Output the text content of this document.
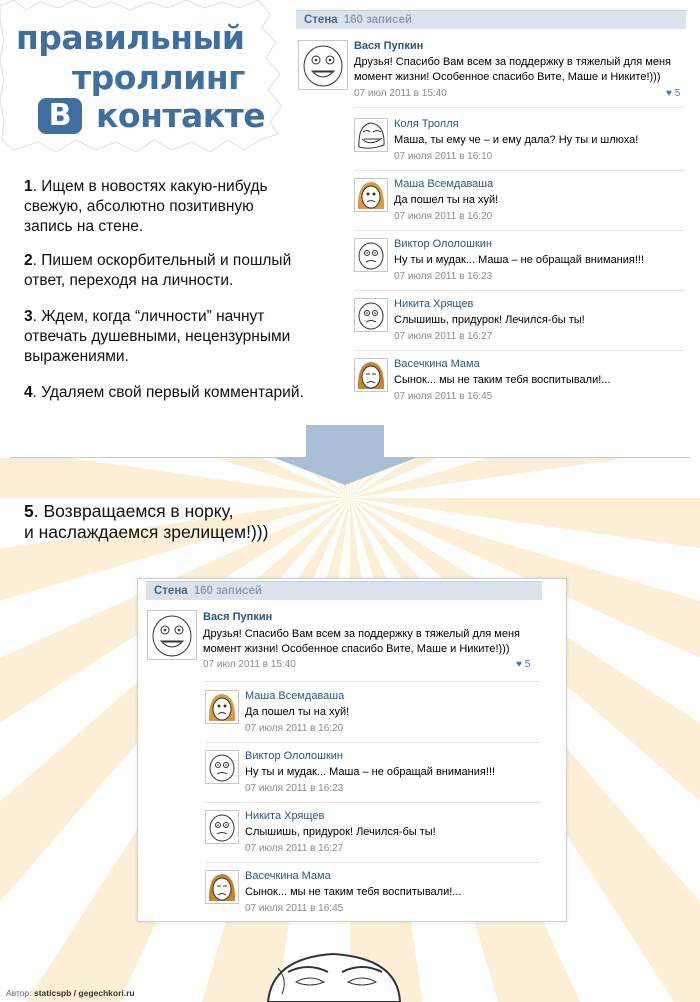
правильный
троллинг
В контакте
1. Ищем в новостях какую-нибудь
свежую, абсолютно позитивную
запись на стене.
2. Пишем оскорбительный и пошлый
ответ, переходя на личности.
3. Ждем, когда “личности” начнут
отвечать душевными, нецензурными
выражениями.
4. Удаляем свой первый комментарий.
Стена 160 записей
Вася Пупкин
Друзья! Спасибо Вам всем за поддержку в тяжелый для меня
момент жизни! Особенное спасибо Вите, Маше и Никите!)))
07 июл 2011 в 15:40	♥ 5
Коля Тролля
Маша, ты ему че – и ему дала? Ну ты и шлюха!
07 июля 2011 в 16:10
Маша Всемдаваша
Да пошел ты на хуй!
07 июля 2011 в 16:20
Виктор Ололошкин
Ну ты и мудак... Маша – не обращай внимания!!!
07 июля 2011 в 16:23
Никита Хрящев
Слышишь, придурок! Лечился-бы ты!
07 июля 2011 в 16:27
Васечкина Мама
Сынок... мы не таким тебя воспитывали!...
07 июля 2011 в 16:45
5. Возвращаемся в норку,
и наслаждаемся зрелищем!)))
Стена 160 записей
Вася Пупкин
Друзья! Спасибо Вам всем за поддержку в тяжелый для меня
момент жизни! Особенное спасибо Вите, Маше и Никите!)))
07 июл 2011 в 15:40	♥ 5
Маша Всемдаваша
Да пошел ты на хуй!
07 июля 2011 в 16:20
Виктор Ололошкин
Ну ты и мудак... Маша – не обращай внимания!!!
07 июля 2011 в 16:23
Никита Хрящев
Слышишь, придурок! Лечился-бы ты!
07 июля 2011 в 16:27
Васечкина Мама
Сынок... мы не таким тебя воспитывали!...
07 июля 2011 в 16:45
Автор: staticspb / gegechkori.ru
